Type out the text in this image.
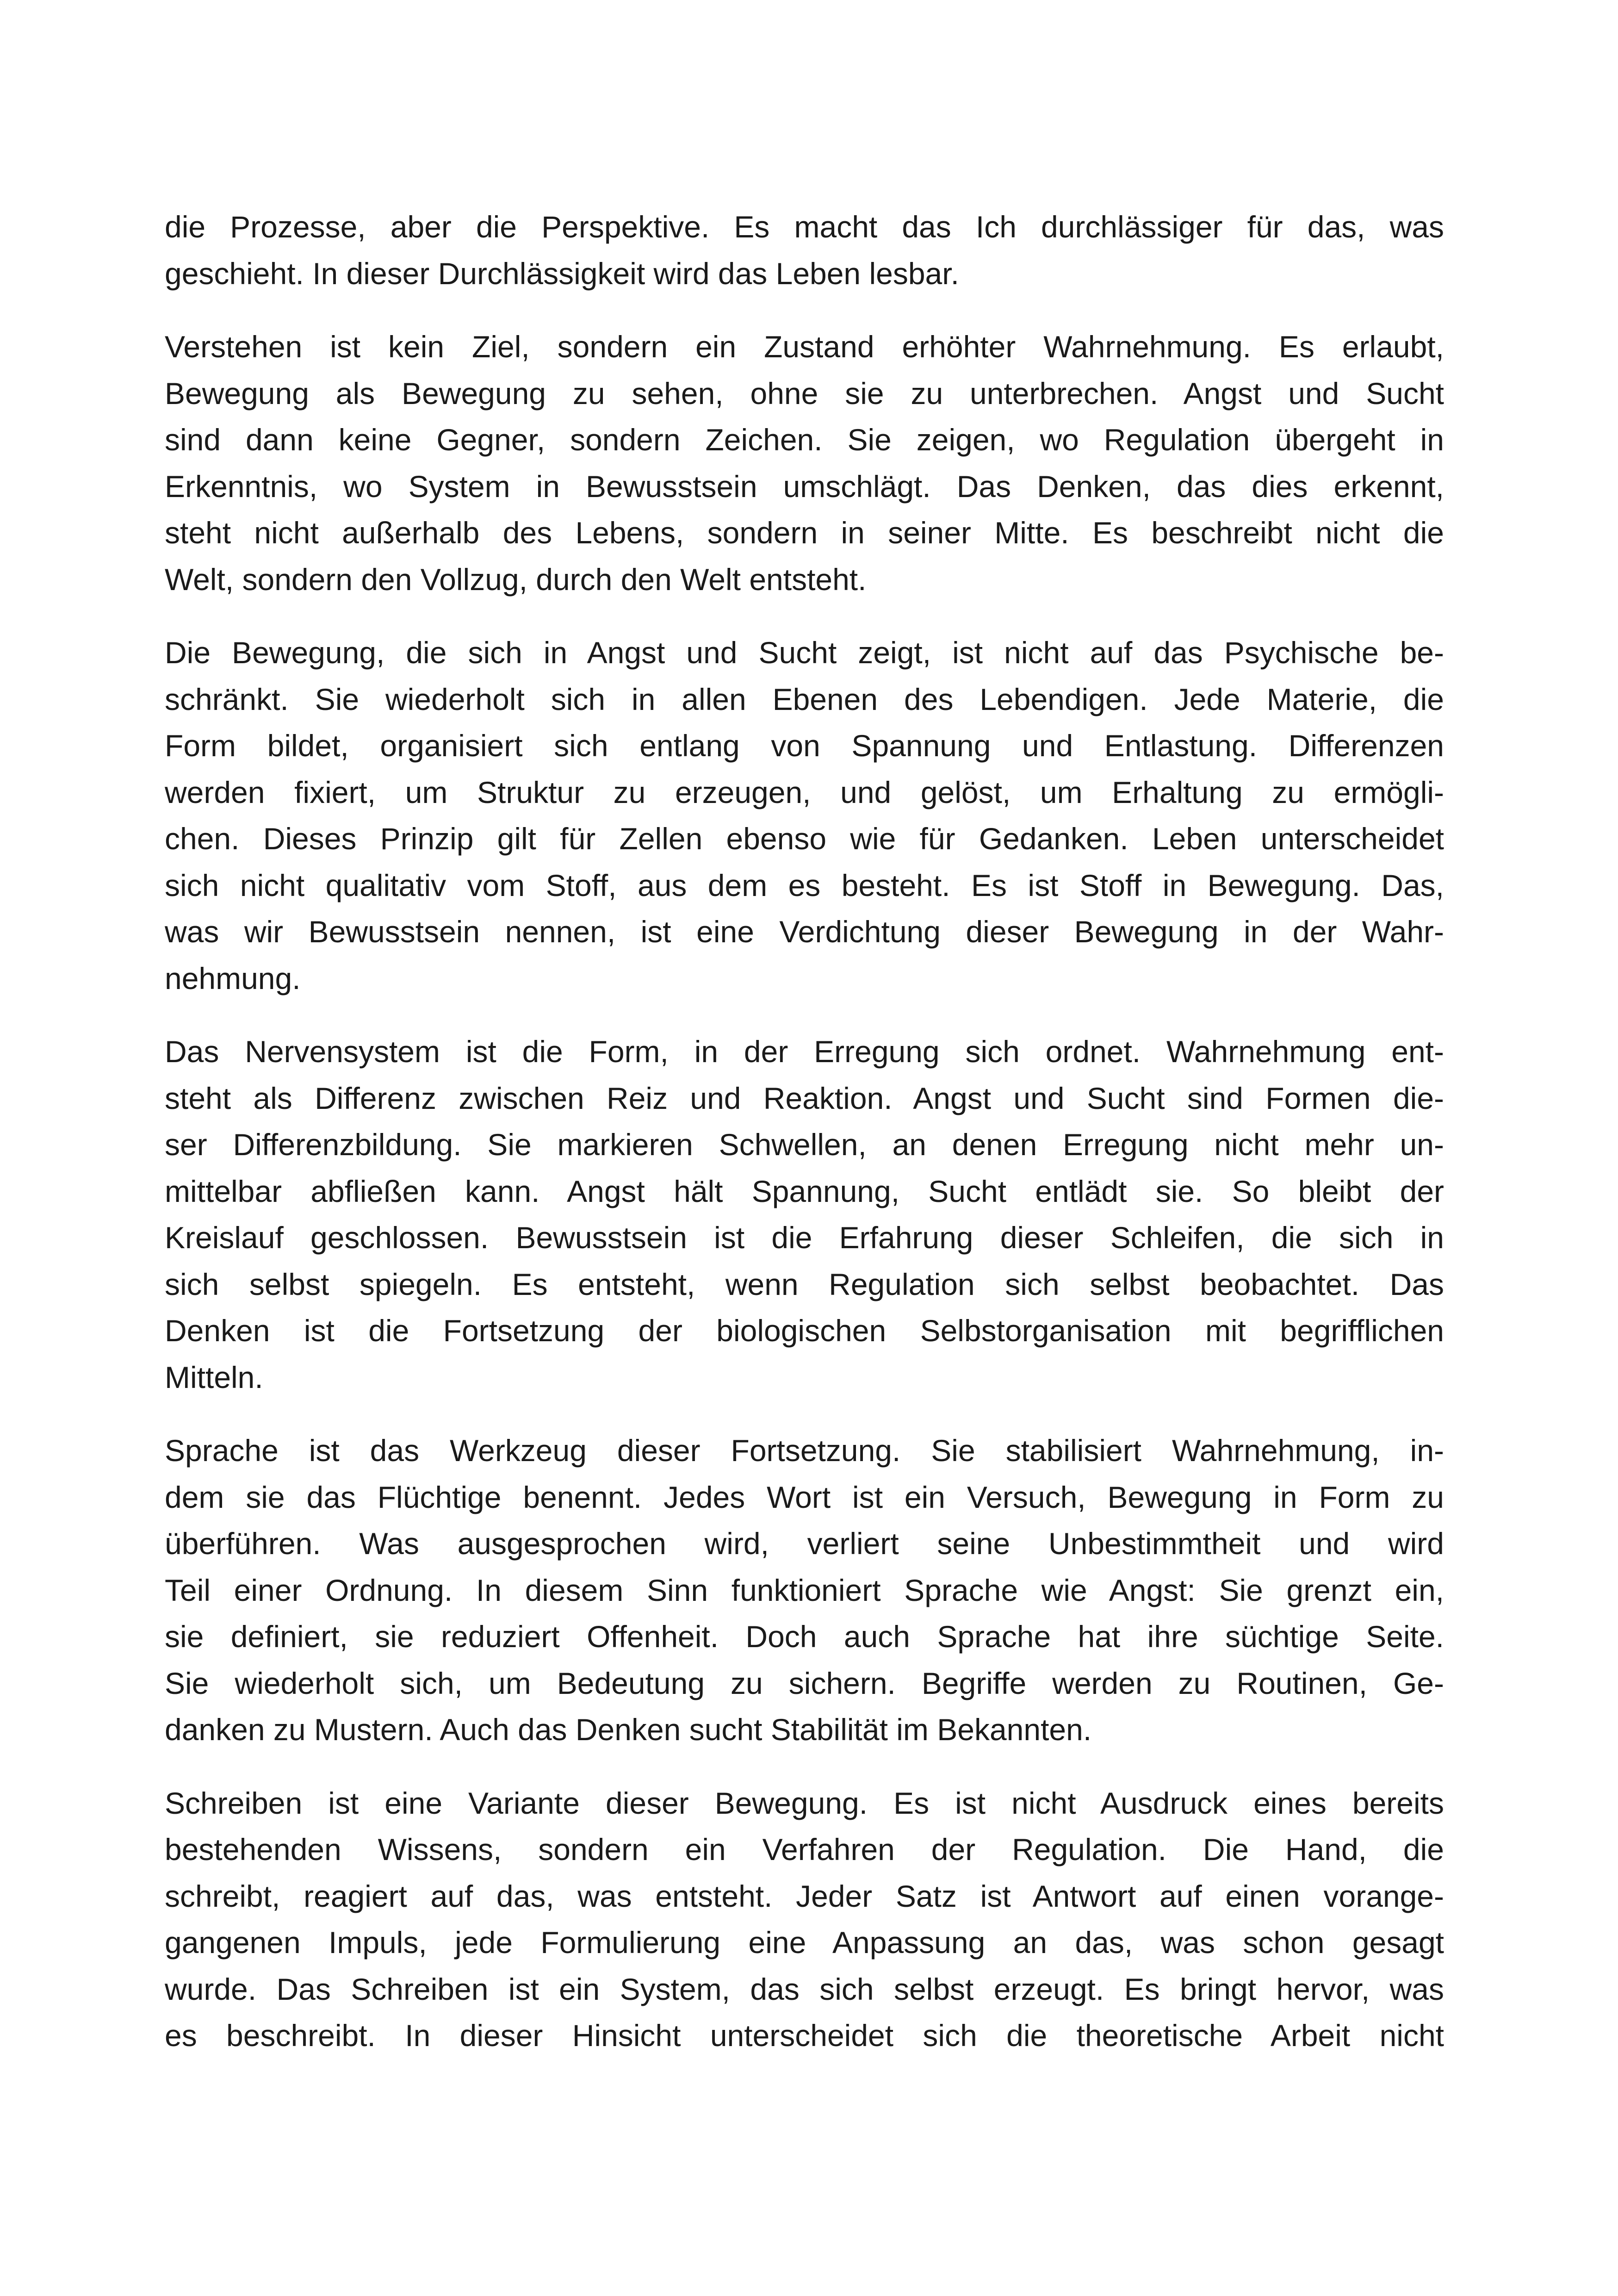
die Prozesse, aber die Perspektive. Es macht das Ich durchlässiger für das, was
geschieht. In dieser Durchlässigkeit wird das Leben lesbar.
Verstehen ist kein Ziel, sondern ein Zustand erhöhter Wahrnehmung. Es erlaubt,
Bewegung als Bewegung zu sehen, ohne sie zu unterbrechen. Angst und Sucht
sind dann keine Gegner, sondern Zeichen. Sie zeigen, wo Regulation übergeht in
Erkenntnis, wo System in Bewusstsein umschlägt. Das Denken, das dies erkennt,
steht nicht außerhalb des Lebens, sondern in seiner Mitte. Es beschreibt nicht die
Welt, sondern den Vollzug, durch den Welt entsteht.
Die Bewegung, die sich in Angst und Sucht zeigt, ist nicht auf das Psychische be-
schränkt. Sie wiederholt sich in allen Ebenen des Lebendigen. Jede Materie, die
Form bildet, organisiert sich entlang von Spannung und Entlastung. Differenzen
werden fixiert, um Struktur zu erzeugen, und gelöst, um Erhaltung zu ermögli-
chen. Dieses Prinzip gilt für Zellen ebenso wie für Gedanken. Leben unterscheidet
sich nicht qualitativ vom Stoff, aus dem es besteht. Es ist Stoff in Bewegung. Das,
was wir Bewusstsein nennen, ist eine Verdichtung dieser Bewegung in der Wahr-
nehmung.
Das Nervensystem ist die Form, in der Erregung sich ordnet. Wahrnehmung ent-
steht als Differenz zwischen Reiz und Reaktion. Angst und Sucht sind Formen die-
ser Differenzbildung. Sie markieren Schwellen, an denen Erregung nicht mehr un-
mittelbar abfließen kann. Angst hält Spannung, Sucht entlädt sie. So bleibt der
Kreislauf geschlossen. Bewusstsein ist die Erfahrung dieser Schleifen, die sich in
sich selbst spiegeln. Es entsteht, wenn Regulation sich selbst beobachtet. Das
Denken ist die Fortsetzung der biologischen Selbstorganisation mit begrifflichen
Mitteln.
Sprache ist das Werkzeug dieser Fortsetzung. Sie stabilisiert Wahrnehmung, in-
dem sie das Flüchtige benennt. Jedes Wort ist ein Versuch, Bewegung in Form zu
überführen. Was ausgesprochen wird, verliert seine Unbestimmtheit und wird
Teil einer Ordnung. In diesem Sinn funktioniert Sprache wie Angst: Sie grenzt ein,
sie definiert, sie reduziert Offenheit. Doch auch Sprache hat ihre süchtige Seite.
Sie wiederholt sich, um Bedeutung zu sichern. Begriffe werden zu Routinen, Ge-
danken zu Mustern. Auch das Denken sucht Stabilität im Bekannten.
Schreiben ist eine Variante dieser Bewegung. Es ist nicht Ausdruck eines bereits
bestehenden Wissens, sondern ein Verfahren der Regulation. Die Hand, die
schreibt, reagiert auf das, was entsteht. Jeder Satz ist Antwort auf einen vorange-
gangenen Impuls, jede Formulierung eine Anpassung an das, was schon gesagt
wurde. Das Schreiben ist ein System, das sich selbst erzeugt. Es bringt hervor, was
es beschreibt. In dieser Hinsicht unterscheidet sich die theoretische Arbeit nicht
